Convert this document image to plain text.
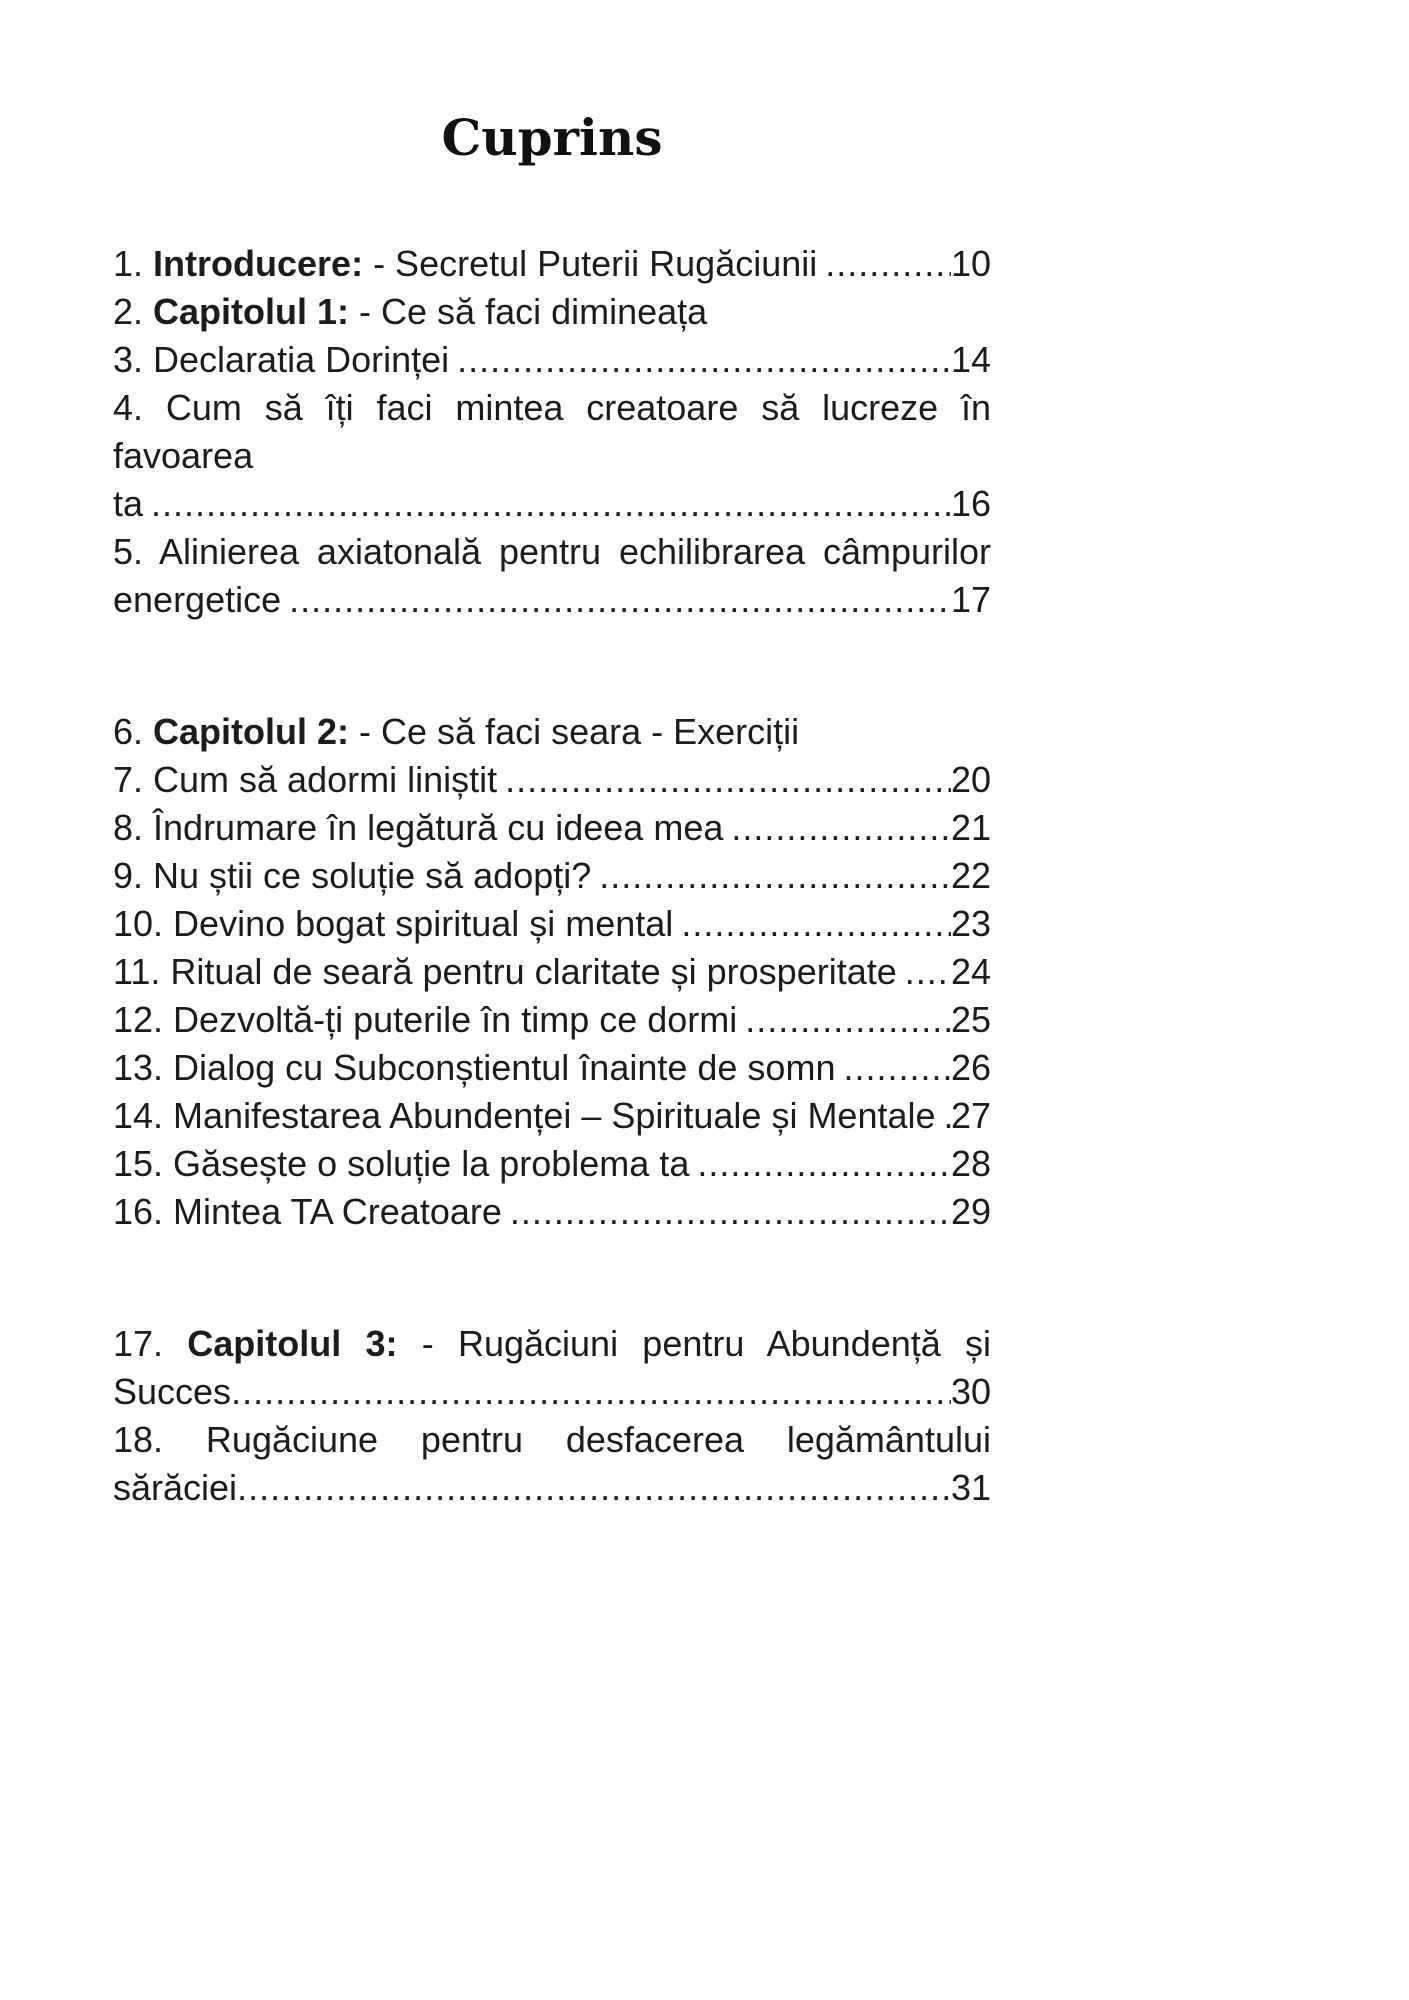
Cuprins
1. Introducere: - Secretul Puterii Rugăciunii .....	10
2. Capitolul 1: - Ce să faci dimineața
3. Declaratia Dorinței .....	14
4. Cum să îți faci mintea creatoare să lucreze în favoarea
ta .....	16
5. Alinierea axiatonală pentru echilibrarea câmpurilor
energetice .....	17
6. Capitolul 2: - Ce să faci seara - Exerciții
7. Cum să adormi liniștit .....	20
8. Îndrumare în legătură cu ideea mea .....	21
9. Nu știi ce soluție să adopți? .....	22
10. Devino bogat spiritual și mental .....	23
11. Ritual de seară pentru claritate și prosperitate ..... 24
12. Dezvoltă-ți puterile în timp ce dormi .....	25
13. Dialog cu Subconștientul înainte de somn .....	26
14. Manifestarea Abundenței – Spirituale și Mentale ..... 27
15. Găsește o soluție la problema ta .....	28
16. Mintea TA Creatoare .....	29
17. Capitolul 3: - Rugăciuni pentru Abundență și
Succes .....	30
18. Rugăciune pentru desfacerea legământului
sărăciei .....	31
